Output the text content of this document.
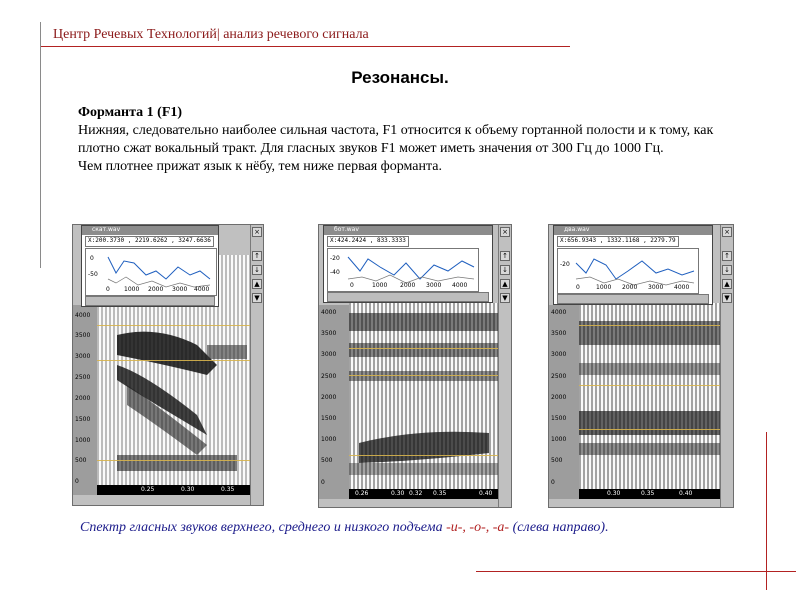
Центр Речевых Технологий| анализ речевого сигнала
Резонансы.

Форманта 1 (F1)

Нижняя, следовательно наиболее сильная частота, F1 относится к объему гортанной полости и к тому, как плотно сжат вокальный тракт. Для гласных звуков F1 может иметь значения от 300 Гц до 1000 Гц.

Чем плотнее прижат язык к нёбу, тем ниже первая форманта.

4000
3500
3000
2500
2000
1500
1000
500
0
0.25	0.30	0.35
×
↑
↓
▲
▼
скат.wav
X:200.3730 , 2219.6262 , 3247.6636
0
-50
0 1000 2000 3000 4000
4000
3500
3000
2500
2000
1500
1000
500
0
0.26	0.30 0.32 0.35	0.40
×
↑
↓
▲
▼
бот.wav
X:424.2424 , 833.3333
-20
-40
0	1000 2000 3000 4000
4000
3500
3000
2500
2000
1500
1000
500
0
0.30	0.35	0.40
×
↑
↓
▲
▼
два.wav
X:656.9343 , 1332.1168 , 2279.79
-20
0	1000 2000 3000 4000
Спектр гласных звуков верхнего, среднего и низкого подъема -и-, -о-, -а- (слева направо).
